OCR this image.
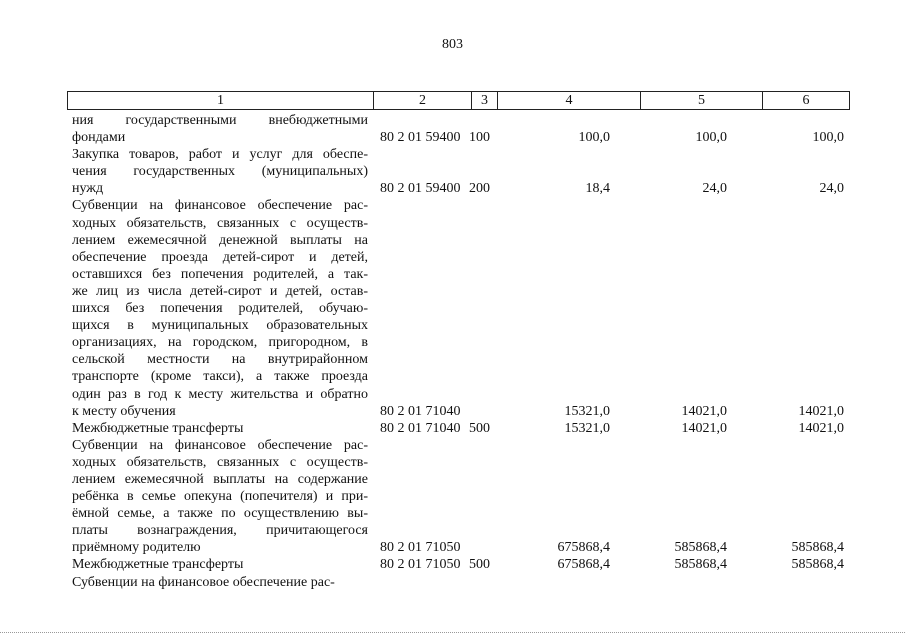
803
1	2	3	4	5	6
ния государственными внебюджетными
фондами	80 2 01 59400 100	100,0	100,0	100,0
Закупка товаров, работ и услуг для обеспе-
чения государственных (муниципальных)
нужд	80 2 01 59400 200	18,4	24,0	24,0
Субвенции на финансовое обеспечение рас-
ходных обязательств, связанных с осуществ-
лением ежемесячной денежной выплаты на
обеспечение проезда детей-сирот и детей,
оставшихся без попечения родителей, а так-
же лиц из числа детей-сирот и детей, остав-
шихся без попечения родителей, обучаю-
щихся в муниципальных образовательных
организациях, на городском, пригородном, в
сельской местности на внутрирайонном
транспорте (кроме такси), а также проезда
один раз в год к месту жительства и обратно
к месту обучения	80 2 01 71040	15321,0	14021,0	14021,0
Межбюджетные трансферты	80 2 01 71040 500	15321,0	14021,0	14021,0
Субвенции на финансовое обеспечение рас-
ходных обязательств, связанных с осуществ-
лением ежемесячной выплаты на содержание
ребёнка в семье опекуна (попечителя) и при-
ёмной семье, а также по осуществлению вы-
платы вознаграждения, причитающегося
приёмному родителю	80 2 01 71050	675868,4	585868,4	585868,4
Межбюджетные трансферты	80 2 01 71050 500	675868,4	585868,4	585868,4
Субвенции на финансовое обеспечение рас-
